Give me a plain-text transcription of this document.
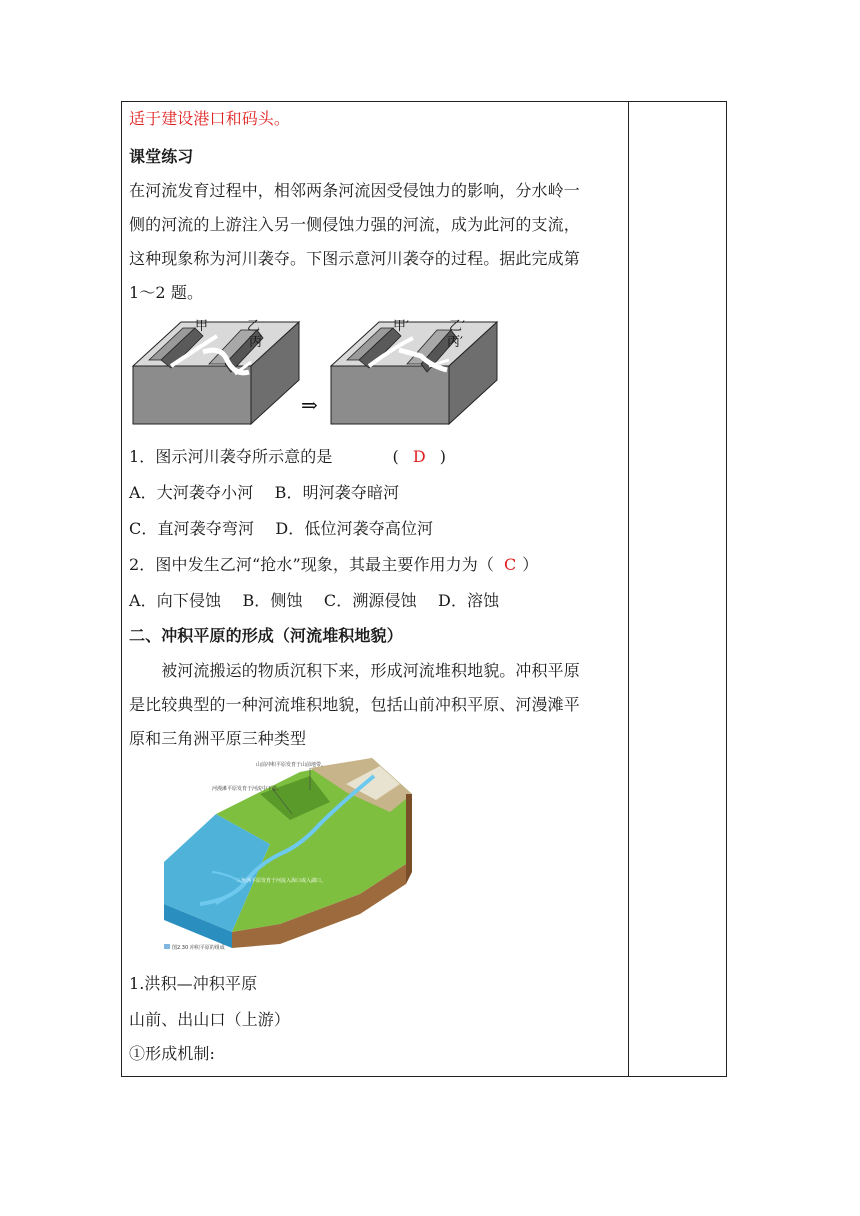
适于建设港口和码头。
课堂练习
在河流发育过程中，相邻两条河流因受侵蚀力的影响，分水岭一
侧的河流的上游注入另一侧侵蚀力强的河流，成为此河的支流，
这种现象称为河川袭夺。下图示意河川袭夺的过程。据此完成第
1～2 题。
甲	乙
丙
⇒
甲′	乙′
丙′
1．图示河川袭夺所示意的是	( D )
A．大河袭夺小河　 B．明河袭夺暗河
C．直河袭夺弯河　 D．低位河袭夺高位河
2．图中发生乙河“抢水”现象，其最主要作用力为（ C ）
A．向下侵蚀　 B．侧蚀　 C．溯源侵蚀　 D．溶蚀
二、冲积平原的形成（河流堆积地貌）
　　被河流搬运的物质沉积下来，形成河流堆积地貌。冲积平原
是比较典型的一种河流堆积地貌，包括山前冲积平原、河漫滩平
原和三角洲平原三种类型
山前冲积平原发育于山前地带。
河漫滩平原发育于河流中下游。
三角洲平原发育于河流入海口或入湖口。
图2.30 冲积平原的组成
1.洪积—冲积平原
山前、出山口（上游）
①形成机制:
